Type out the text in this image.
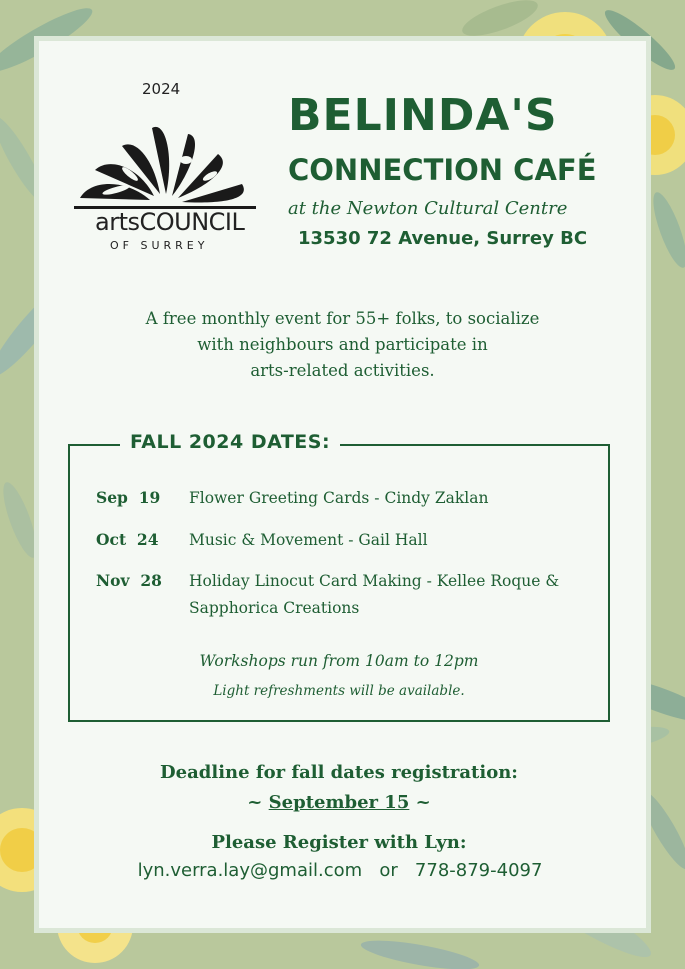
2024
artsCOUNCIL
OF SURREY
BELINDA'S
CONNECTION CAFÉ
at the Newton Cultural Centre
13530 72 Avenue, Surrey BC
A free monthly event for 55+ folks, to socialize
with neighbours and participate in
arts-related activities.
FALL 2024 DATES:
Sep 19 Flower Greeting Cards - Cindy Zaklan
Oct 24 Music & Movement - Gail Hall
Nov 28 Holiday Linocut Card Making - Kellee Roque & Sapphorica Creations
Workshops run from 10am to 12pm
Light refreshments will be available.
Deadline for fall dates registration:
~ September 15 ~
Please Register with Lyn:
lyn.verra.lay@gmail.com or 778-879-4097
